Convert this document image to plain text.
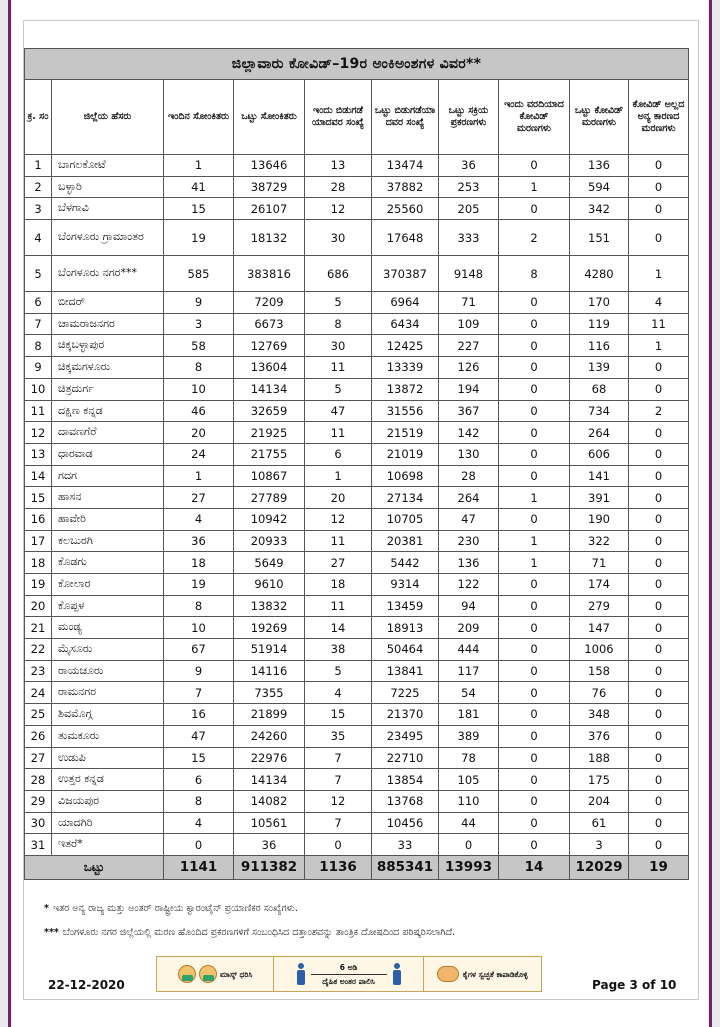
ಜಿಲ್ಲಾವಾರು ಕೋವಿಡ್–19ರ ಅಂಕಿಅಂಶಗಳ ವಿವರ**									
ಕ್ರ. ಸಂ	ಜಿಲ್ಲೆಯ ಹೆಸರು	ಇಂದಿನ ಸೋಂಕಿತರು	ಒಟ್ಟು ಸೋಂಕಿತರು	ಇಂದು ಬಿಡುಗಡೆ ಯಾದವರ ಸಂಖ್ಯೆ	ಒಟ್ಟು ಬಿಡುಗಡೆಯಾ ದವರ ಸಂಖ್ಯೆ	ಒಟ್ಟು ಸಕ್ರಿಯ ಪ್ರಕರಣಗಳು	ಇಂದು ವರದಿಯಾದ ಕೋವಿಡ್ ಮರಣಗಳು	ಒಟ್ಟು ಕೋವಿಡ್ ಮರಣಗಳು	ಕೋವಿಡ್ ಅಲ್ಲದ ಅನ್ಯ ಕಾರಣದ ಮರಣಗಳು
1	ಬಾಗಲಕೋಟೆ	1	13646	13	13474	36	0	136	0
2	ಬಳ್ಳಾರಿ	41	38729	28	37882	253	1	594	0
3	ಬೆಳಗಾವಿ	15	26107	12	25560	205	0	342	0
4	ಬೆಂಗಳೂರು ಗ್ರಾಮಾಂತರ	19	18132	30	17648	333	2	151	0
5	ಬೆಂಗಳೂರು ನಗರ***	585	383816	686	370387	9148	8	4280	1
6	ಬೀದರ್	9	7209	5	6964	71	0	170	4
7	ಚಾಮರಾಜನಗರ	3	6673	8	6434	109	0	119	11
8	ಚಿಕ್ಕಬಳ್ಳಾಪುರ	58	12769	30	12425	227	0	116	1
9	ಚಿಕ್ಕಮಗಳೂರು	8	13604	11	13339	126	0	139	0
10	ಚಿತ್ರದುರ್ಗ	10	14134	5	13872	194	0	68	0
11	ದಕ್ಷಿಣ ಕನ್ನಡ	46	32659	47	31556	367	0	734	2
12	ದಾವಣಗೆರೆ	20	21925	11	21519	142	0	264	0
13	ಧಾರವಾಡ	24	21755	6	21019	130	0	606	0
14	ಗದಗ	1	10867	1	10698	28	0	141	0
15	ಹಾಸನ	27	27789	20	27134	264	1	391	0
16	ಹಾವೇರಿ	4	10942	12	10705	47	0	190	0
17	ಕಲಬುರಗಿ	36	20933	11	20381	230	1	322	0
18	ಕೊಡಗು	18	5649	27	5442	136	1	71	0
19	ಕೋಲಾರ	19	9610	18	9314	122	0	174	0
20	ಕೊಪ್ಪಳ	8	13832	11	13459	94	0	279	0
21	ಮಂಡ್ಯ	10	19269	14	18913	209	0	147	0
22	ಮೈಸೂರು	67	51914	38	50464	444	0	1006	0
23	ರಾಯಚೂರು	9	14116	5	13841	117	0	158	0
24	ರಾಮನಗರ	7	7355	4	7225	54	0	76	0
25	ಶಿವಮೊಗ್ಗ	16	21899	15	21370	181	0	348	0
26	ತುಮಕೂರು	47	24260	35	23495	389	0	376	0
27	ಉಡುಪಿ	15	22976	7	22710	78	0	188	0
28	ಉತ್ತರ ಕನ್ನಡ	6	14134	7	13854	105	0	175	0
29	ವಿಜಯಪುರ	8	14082	12	13768	110	0	204	0
30	ಯಾದಗಿರಿ	4	10561	7	10456	44	0	61	0
31	ಇತರೆ*	0	36	0	33	0	0	3	0
ಒಟ್ಟು		1141	911382	1136	885341	13993	14	12029	19
* ಇತರ ಅನ್ಯ ರಾಜ್ಯ ಮತ್ತು ಅಂತರ್ ರಾಷ್ಟ್ರೀಯ ಕ್ವಾರಂಟೈನ್ ಪ್ರಯಾಣಿಕರ ಸಂಖ್ಯೆಗಳು.
*** ಬೆಂಗಳೂರು ನಗರ ಜಿಲ್ಲೆಯಲ್ಲಿ ಮರಣ ಹೊಂದಿದ ಪ್ರಕರಣಗಳಿಗೆ ಸಂಬಂಧಿಸಿದ ದತ್ತಾಂಶವನ್ನು ತಾಂತ್ರಿಕ ದೋಷದಿಂದ ಪರಿಷ್ಕರಿಸಲಾಗಿದೆ.
ಮಾಸ್ಕ್ ಧರಿಸಿ
6 ಅಡಿ
ದೈಹಿಕ ಅಂತರ ಪಾಲಿಸಿ
ಕೈಗಳ ಸ್ವಚ್ಛತೆ ಕಾಪಾಡಿಕೊಳ್ಳಿ
22-12-2020	Page 3 of 10
